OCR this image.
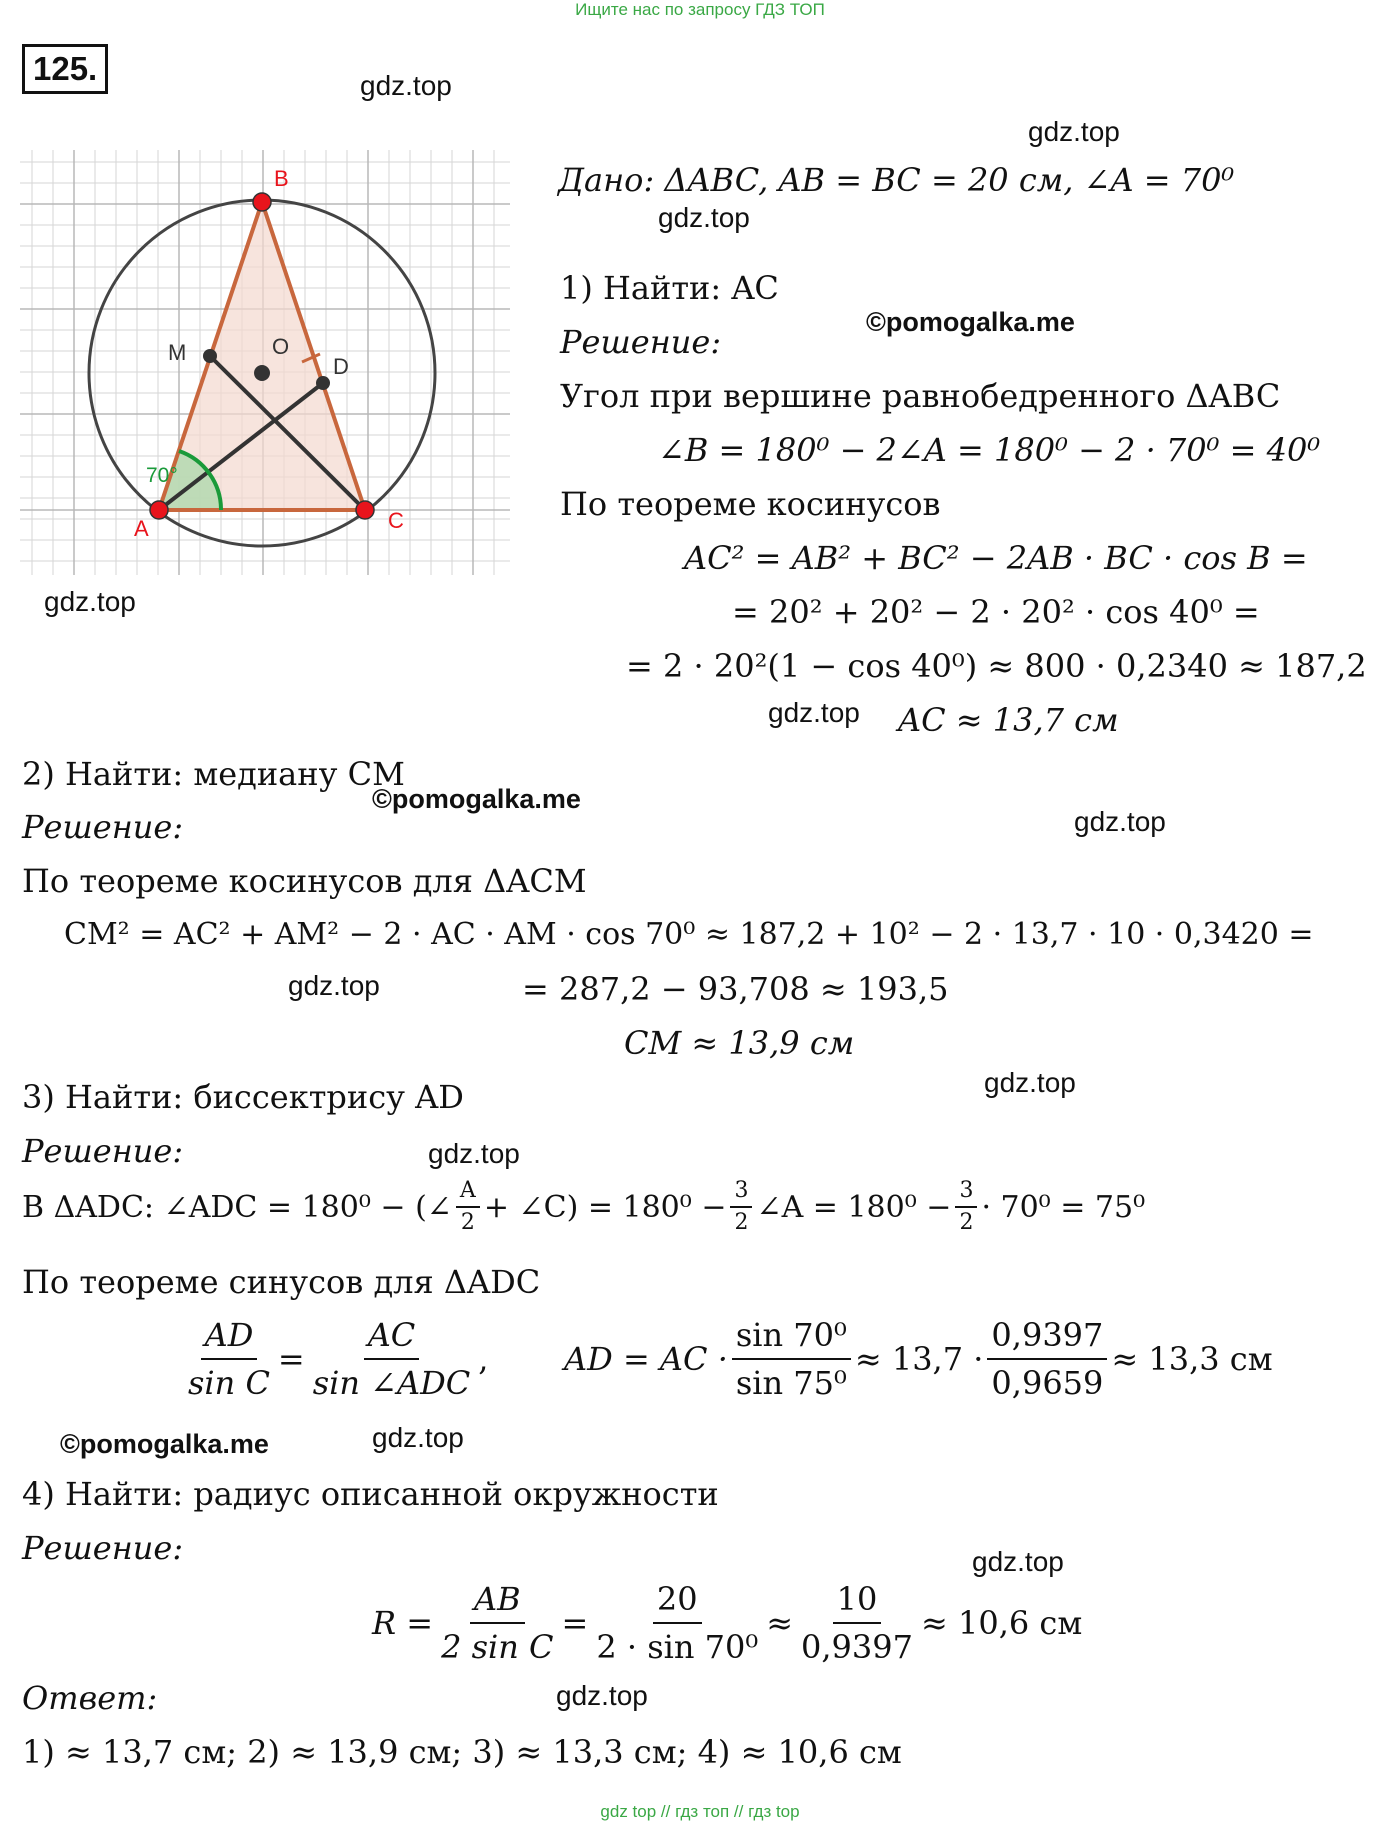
Ищите нас по запросу ГДЗ ТОП
125.
B
A	C
M	O
D
70°
gdz.top
gdz.top
gdz.top
©pomogalka.me
gdz.top
gdz.top
©pomogalka.me
gdz.top
gdz.top
gdz.top
gdz.top
©pomogalka.me	gdz.top
gdz.top
gdz.top
Дано: ΔABC, AB = BC = 20 см, ∠A = 70⁰
1) Найти: AC
Решение:
Угол при вершине равнобедренного ΔABC
∠B = 180⁰ − 2∠A = 180⁰ − 2 · 70⁰ = 40⁰
По теореме косинусов
AC² = AB² + BC² − 2AB · BC · cos B =
= 20² + 20² − 2 · 20² · cos 40⁰ =
= 2 · 20²(1 − cos 40⁰) ≈ 800 · 0,2340 ≈ 187,2
AC ≈ 13,7 см
2) Найти: медиану CM
Решение:
По теореме косинусов для ΔACM
CM² = AC² + AM² − 2 · AC · AM · cos 70⁰ ≈ 187,2 + 10² − 2 · 13,7 · 10 · 0,3420 =
= 287,2 − 93,708 ≈ 193,5
CM ≈ 13,9 см
3) Найти: биссектрису AD
Решение:
В ΔADC: ∠ADC = 180⁰ − (∠ $\frac{A}{2}$ + ∠C) = $180^0 - \frac{3}{2}$ ∠A = $180^0 - \frac{3}{2} \cdot 70^0 = 75^0$
По теореме синусов для ΔADC
$\frac{AD}{\text{sin C}} = \frac{AC}{\text{sin ∠ADC}}$ , AD = AC · $\frac{\text{sin 70⁰}}{\text{sin 75⁰}} \approx 13,7 \cdot \frac{0,9397}{0,9659} \approx 13,3$ см
4) Найти: радиус описанной окружности
Решение:
$R = \frac{AB}{\text{2 sin C}} = \frac{20}{\text{2 · sin 70⁰}} \approx \frac{10}{0,9397} \approx 10,6$ см
Ответ:
1) ≈ 13,7 см; 2) ≈ 13,9 см; 3) ≈ 13,3 см; 4) ≈ 10,6 см
gdz top // гдз топ // гдз top
